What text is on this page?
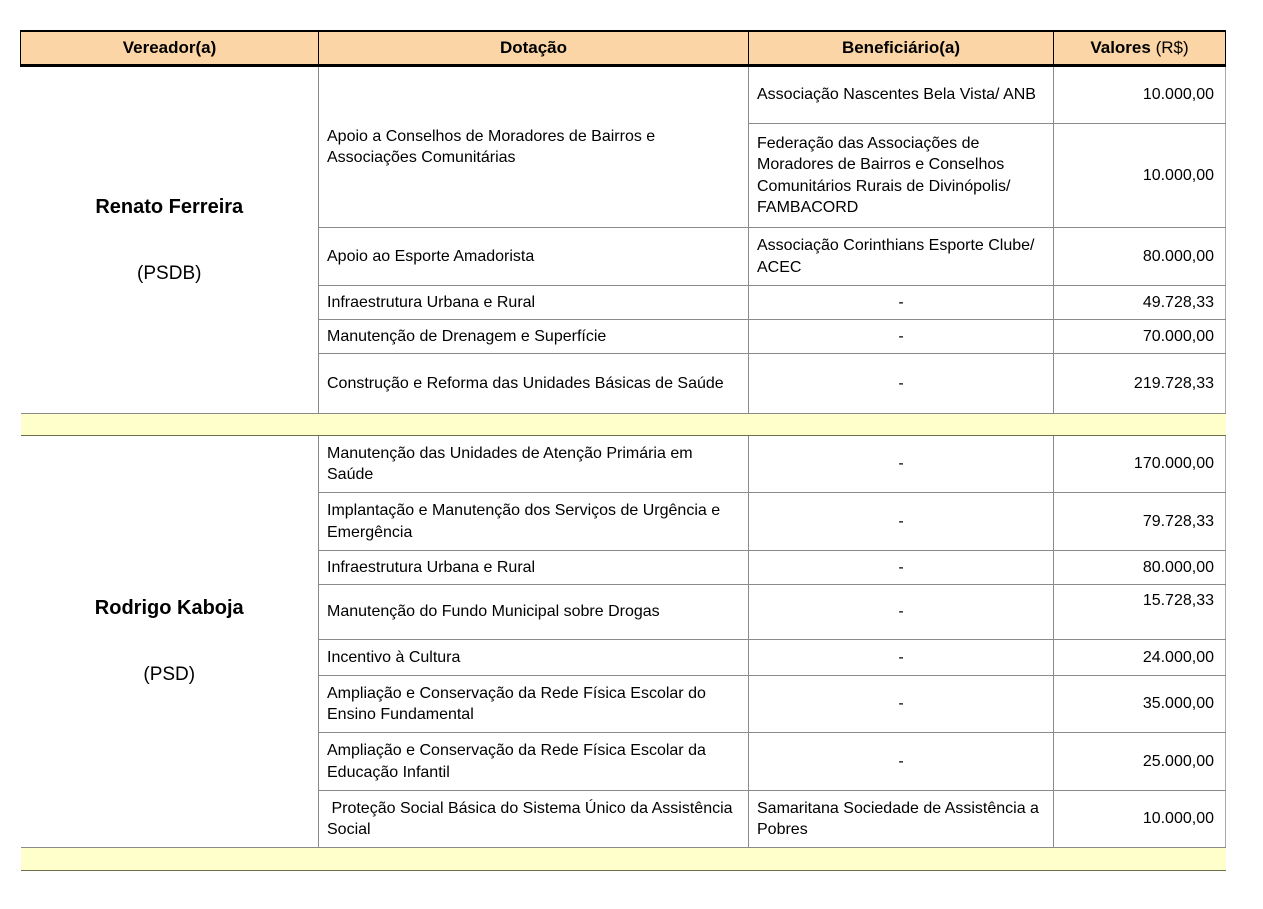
Vereador(a)	Dotação	Beneficiário(a)	Valores (R$)

Renato Ferreira

(PSDB)	Apoio a Conselhos de Moradores de Bairros e Associações Comunitárias	Associação Nascentes Bela Vista/ ANB	10.000,00
		Federação das Associações de Moradores de Bairros e Conselhos Comunitários Rurais de Divinópolis/ FAMBACORD	10.000,00
	Apoio ao Esporte Amadorista	Associação Corinthians Esporte Clube/  ACEC	80.000,00
	Infraestrutura Urbana e Rural	-	49.728,33
	Manutenção de Drenagem e Superfície	-	70.000,00
	Construção e Reforma das Unidades Básicas de Saúde	-	219.728,33

Rodrigo Kaboja

(PSD)	Manutenção das Unidades de Atenção Primária em Saúde	-	170.000,00
	Implantação e Manutenção dos Serviços de Urgência e Emergência	-	79.728,33
	Infraestrutura Urbana e Rural	-	80.000,00
	Manutenção do Fundo Municipal sobre Drogas	-	15.728,33
	Incentivo à Cultura	-	24.000,00
	Ampliação e Conservação da Rede Física Escolar do Ensino Fundamental	-	35.000,00
	Ampliação e Conservação da Rede Física Escolar da Educação Infantil	-	25.000,00
	Proteção Social Básica do Sistema Único da Assistência Social	Samaritana Sociedade de Assistência a Pobres	10.000,00
